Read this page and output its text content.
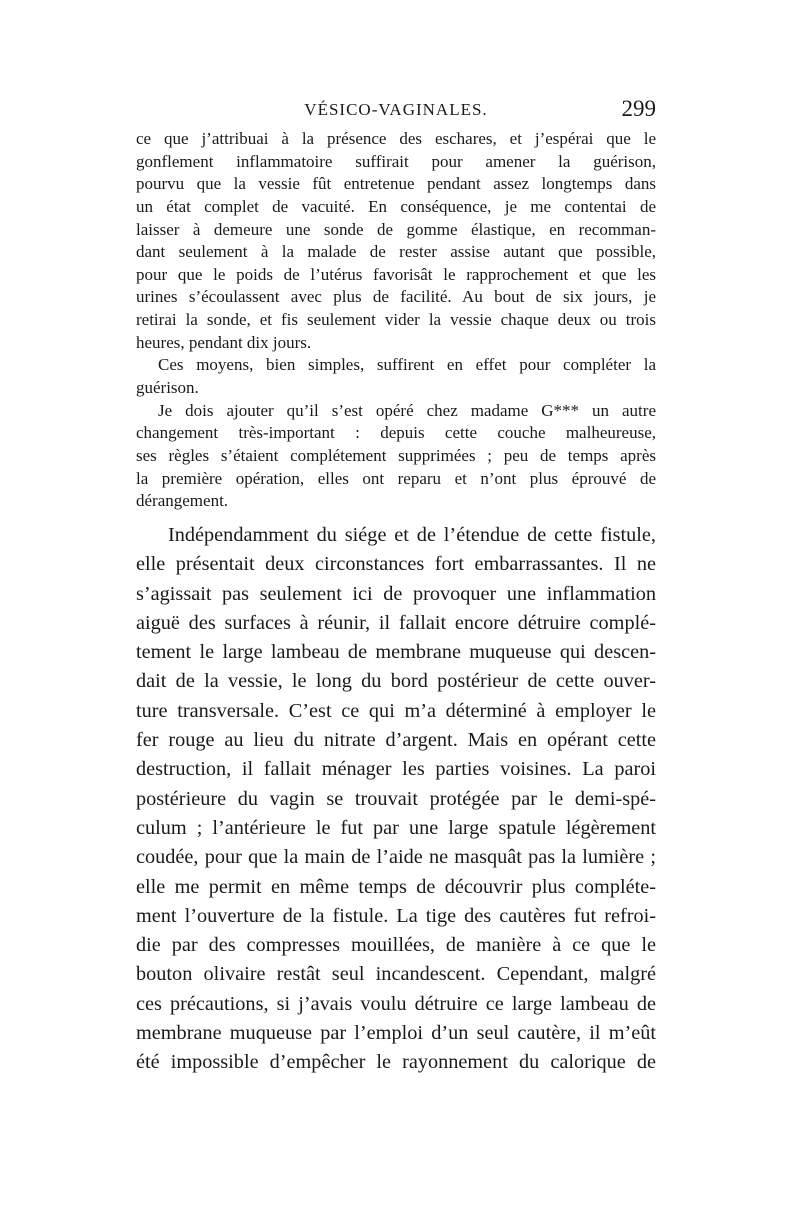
VÉSICO-VAGINALES.	299
ce que j’attribuai à la présence des eschares, et j’espérai que le
gonflement inflammatoire suffirait pour amener la guérison,
pourvu que la vessie fût entretenue pendant assez longtemps dans
un état complet de vacuité. En conséquence, je me contentai de
laisser à demeure une sonde de gomme élastique, en recomman-
dant seulement à la malade de rester assise autant que possible,
pour que le poids de l’utérus favorisât le rapprochement et que les
urines s’écoulassent avec plus de facilité. Au bout de six jours, je
retirai la sonde, et fis seulement vider la vessie chaque deux ou trois
heures, pendant dix jours.
Ces moyens, bien simples, suffirent en effet pour compléter la
guérison.
Je dois ajouter qu’il s’est opéré chez madame G*** un autre
changement très-important : depuis cette couche malheureuse,
ses règles s’étaient complétement supprimées ; peu de temps après
la première opération, elles ont reparu et n’ont plus éprouvé de
dérangement.
Indépendamment du siége et de l’étendue de cette fistule,
elle présentait deux circonstances fort embarrassantes. Il ne
s’agissait pas seulement ici de provoquer une inflammation
aiguë des surfaces à réunir, il fallait encore détruire complé-
tement le large lambeau de membrane muqueuse qui descen-
dait de la vessie, le long du bord postérieur de cette ouver-
ture transversale. C’est ce qui m’a déterminé à employer le
fer rouge au lieu du nitrate d’argent. Mais en opérant cette
destruction, il fallait ménager les parties voisines. La paroi
postérieure du vagin se trouvait protégée par le demi-spé-
culum ; l’antérieure le fut par une large spatule légèrement
coudée, pour que la main de l’aide ne masquât pas la lumière ;
elle me permit en même temps de découvrir plus compléte-
ment l’ouverture de la fistule. La tige des cautères fut refroi-
die par des compresses mouillées, de manière à ce que le
bouton olivaire restât seul incandescent. Cependant, malgré
ces précautions, si j’avais voulu détruire ce large lambeau de
membrane muqueuse par l’emploi d’un seul cautère, il m’eût
été impossible d’empêcher le rayonnement du calorique de
